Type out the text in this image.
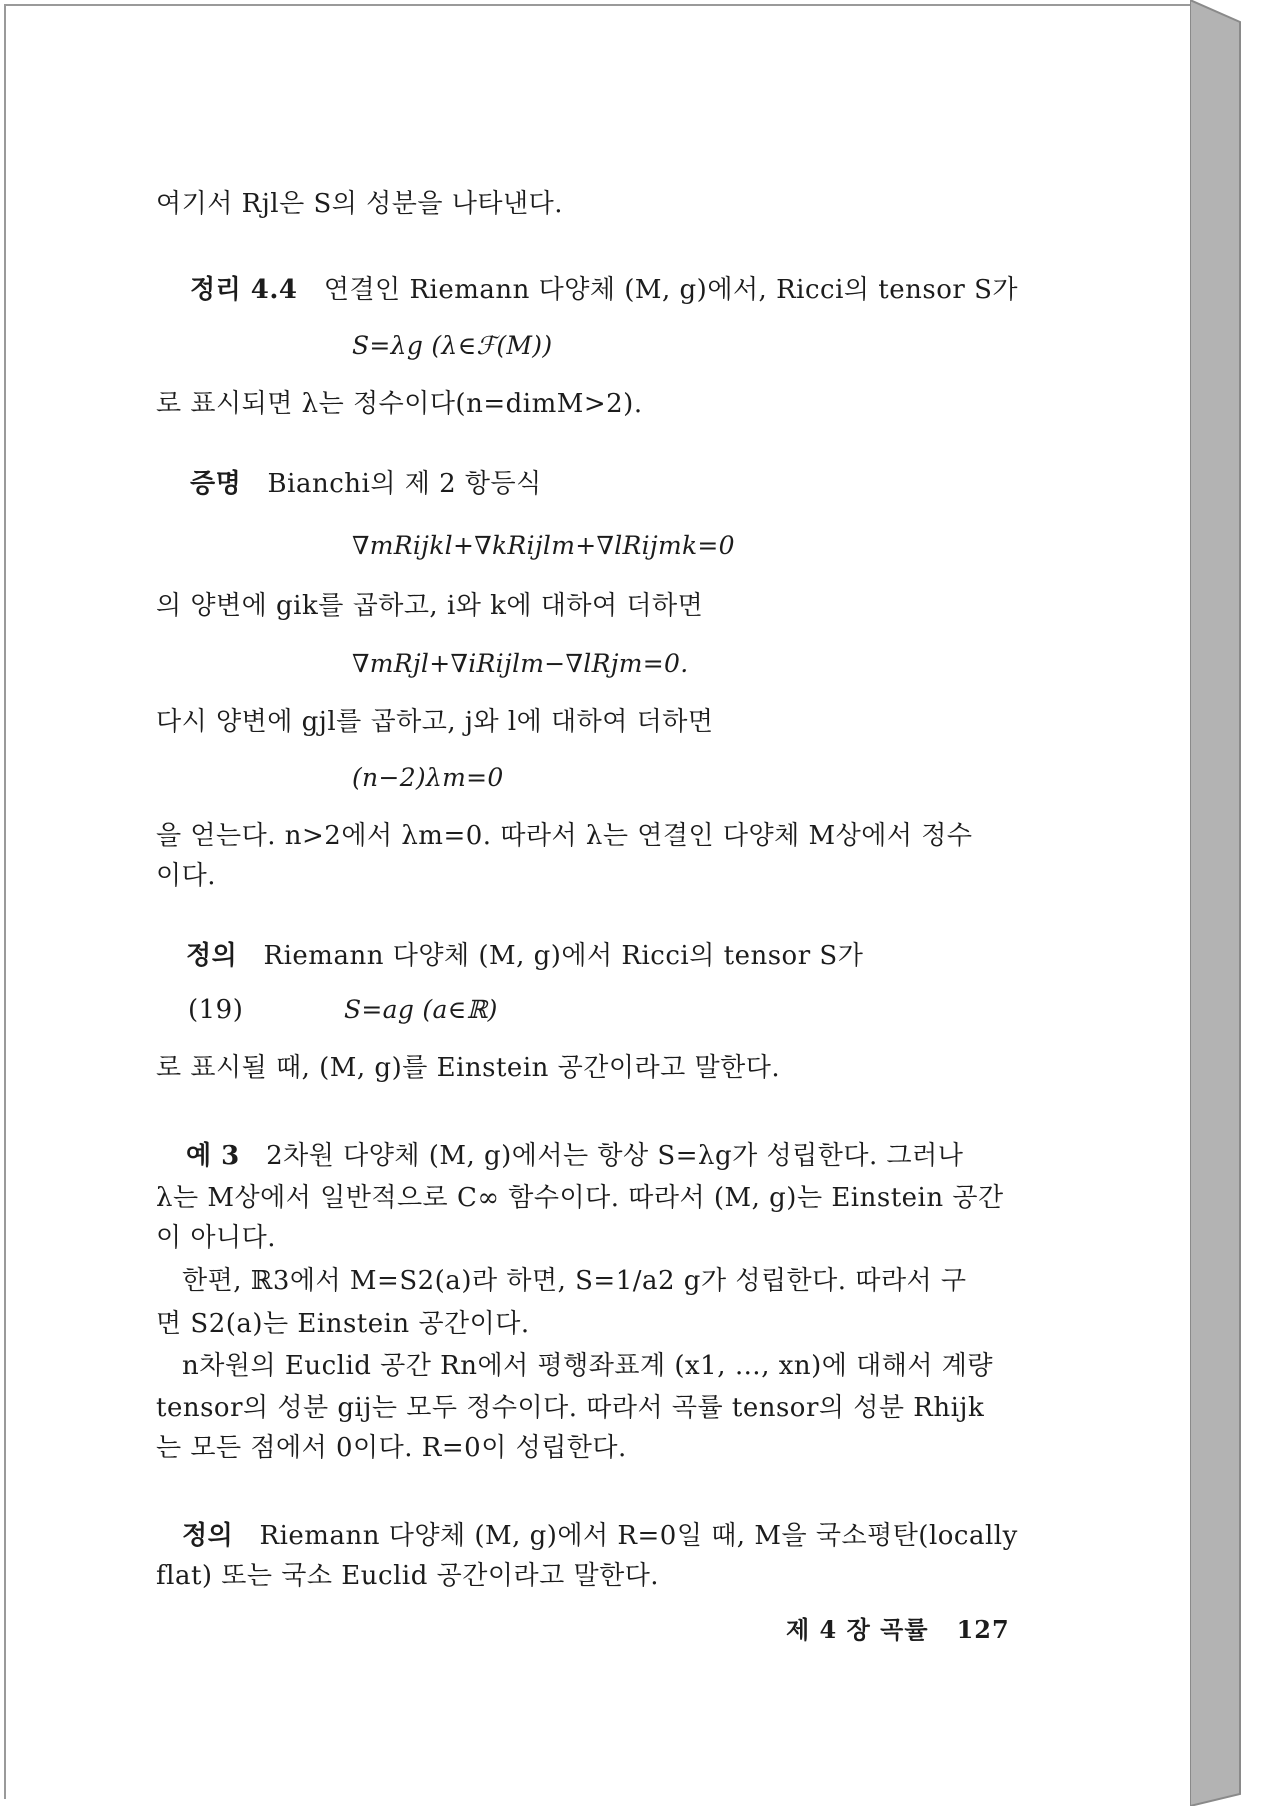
여기서 Rjl은 S의 성분을 나타낸다.
정리 4.4 연결인 Riemann 다양체 (M, g)에서, Ricci의 tensor S가
S=λg (λ∈ℱ(M))
로 표시되면 λ는 정수이다(n=dimM>2).
증명 Bianchi의 제 2 항등식
∇mRijkl+∇kRijlm+∇lRijmk=0
의 양변에 gik를 곱하고, i와 k에 대하여 더하면
∇mRjl+∇iRijlm−∇lRjm=0.
다시 양변에 gjl를 곱하고, j와 l에 대하여 더하면
(n−2)λm=0
을 얻는다. n>2에서 λm=0. 따라서 λ는 연결인 다양체 M상에서 정수
이다.
정의 Riemann 다양체 (M, g)에서 Ricci의 tensor S가
(19)	S=ag (a∈ℝ)
로 표시될 때, (M, g)를 Einstein 공간이라고 말한다.
예 3 2차원 다양체 (M, g)에서는 항상 S=λg가 성립한다. 그러나
λ는 M상에서 일반적으로 C∞ 함수이다. 따라서 (M, g)는 Einstein 공간
이 아니다.
한편, ℝ3에서 M=S2(a)라 하면, S=1/a2 g가 성립한다. 따라서 구
면 S2(a)는 Einstein 공간이다.
n차원의 Euclid 공간 Rn에서 평행좌표계 (x1, …, xn)에 대해서 계량
tensor의 성분 gij는 모두 정수이다. 따라서 곡률 tensor의 성분 Rhijk
는 모든 점에서 0이다. R=0이 성립한다.
정의 Riemann 다양체 (M, g)에서 R=0일 때, M을 국소평탄(locally
flat) 또는 국소 Euclid 공간이라고 말한다.
제 4 장 곡률 127
